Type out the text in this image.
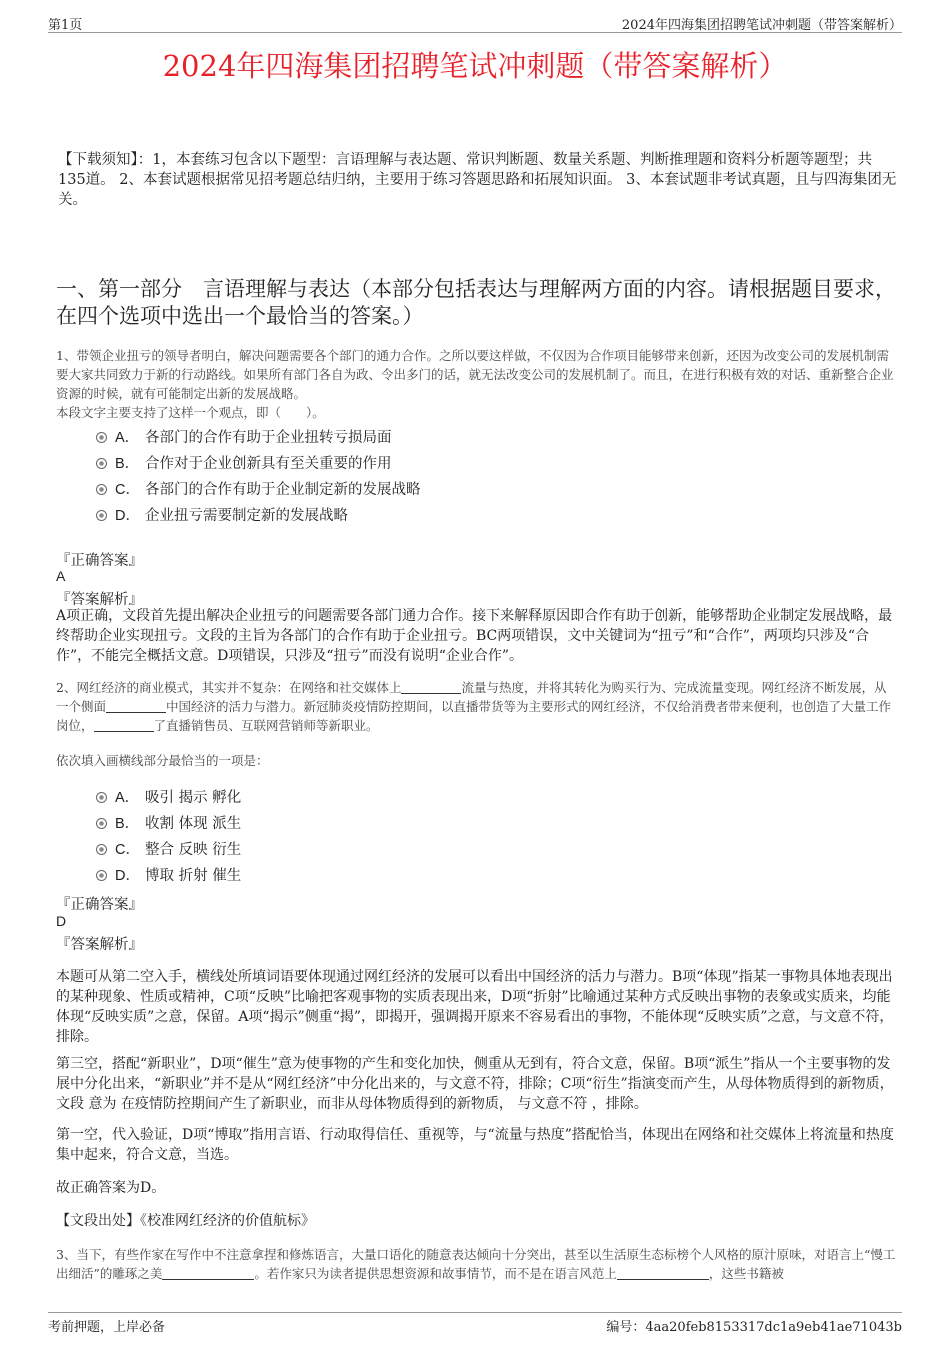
第1页	2024年四海集团招聘笔试冲刺题（带答案解析）
2024年四海集团招聘笔试冲刺题（带答案解析）
【下载须知】：1，本套练习包含以下题型：言语理解与表达题、常识判断题、数量关系题、判断推理题和资料分析题等题型；共135道。 2、本套试题根据常见招考题总结归纳，主要用于练习答题思路和拓展知识面。 3、本套试题非考试真题，且与四海集团无关。
一、第一部分　言语理解与表达（本部分包括表达与理解两方面的内容。请根据题目要求，在四个选项中选出一个最恰当的答案。）
1、带领企业扭亏的领导者明白，解决问题需要各个部门的通力合作。之所以要这样做，不仅因为合作项目能够带来创新，还因为改变公司的发展机制需要大家共同致力于新的行动路线。如果所有部门各自为政、令出多门的话，就无法改变公司的发展机制了。而且，在进行积极有效的对话、重新整合企业资源的时候，就有可能制定出新的发展战略。
本段文字主要支持了这样一个观点，即（　　）。
A． 各部门的合作有助于企业扭转亏损局面
B． 合作对于企业创新具有至关重要的作用
C． 各部门的合作有助于企业制定新的发展战略
D． 企业扭亏需要制定新的发展战略
『正确答案』
A
『答案解析』
A项正确，文段首先提出解决企业扭亏的问题需要各部门通力合作。接下来解释原因即合作有助于创新，能够帮助企业制定发展战略，最终帮助企业实现扭亏。文段的主旨为各部门的合作有助于企业扭亏。BC两项错误，文中关键词为“扭亏”和“合作”，两项均只涉及“合作”，不能完全概括文意。D项错误，只涉及“扭亏”而没有说明“企业合作”。
2、网红经济的商业模式，其实并不复杂：在网络和社交媒体上	流量与热度，并将其转化为购买行为、完成流量变现。网红经济不断发展，从一个侧面	中国经济的活力与潜力。新冠肺炎疫情防控期间，以直播带货等为主要形式的网红经济，不仅给消费者带来便利，也创造了大量工作岗位，	了直播销售员、互联网营销师等新职业。
依次填入画横线部分最恰当的一项是：
A． 吸引 揭示 孵化
B． 收割 体现 派生
C． 整合 反映 衍生
D． 博取 折射 催生
『正确答案』
D
『答案解析』
本题可从第二空入手，横线处所填词语要体现通过网红经济的发展可以看出中国经济的活力与潜力。B项“体现”指某一事物具体地表现出的某种现象、性质或精神，C项“反映”比喻把客观事物的实质表现出来，D项“折射”比喻通过某种方式反映出事物的表象或实质来，均能体现“反映实质”之意，保留。A项“揭示”侧重“揭”，即揭开，强调揭开原来不容易看出的事物，不能体现“反映实质”之意，与文意不符，排除。
第三空，搭配“新职业”，D项“催生”意为使事物的产生和变化加快，侧重从无到有，符合文意，保留。B项“派生”指从一个主要事物的发展中分化出来，“新职业”并不是从“网红经济”中分化出来的，与文意不符，排除；C项“衍生”指演变而产生，从母体物质得到的新物质，文段 意为 在疫情防控期间产生了新职业，而非从母体物质得到的新物质， 与文意不符 ，排除。
第一空，代入验证，D项“博取”指用言语、行动取得信任、重视等，与“流量与热度”搭配恰当，体现出在网络和社交媒体上将流量和热度集中起来，符合文意，当选。
故正确答案为D。
【文段出处】《校准网红经济的价值航标》
3、当下，有些作家在写作中不注意拿捏和修炼语言，大量口语化的随意表达倾向十分突出，甚至以生活原生态标榜个人风格的原汁原味，对语言上“慢工出细活”的雕琢之美	。若作家只为读者提供思想资源和故事情节，而不是在语言风范上	，这些书籍被
考前押题，上岸必备	编号：4aa20feb8153317dc1a9eb41ae71043b
